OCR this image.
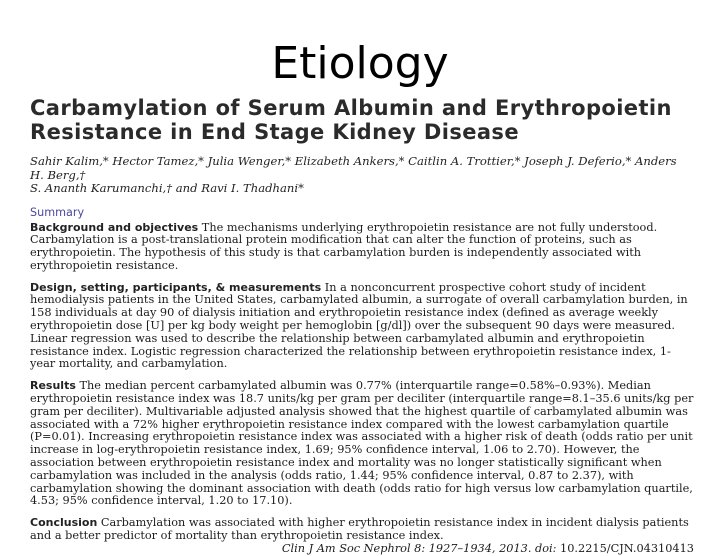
Etiology
Carbamylation of Serum Albumin and Erythropoietin
Resistance in End Stage Kidney Disease
Sahir Kalim,* Hector Tamez,* Julia Wenger,* Elizabeth Ankers,* Caitlin A. Trottier,* Joseph J. Deferio,* Anders H. Berg,†
S. Ananth Karumanchi,† and Ravi I. Thadhani*
Summary

Background and objectives The mechanisms underlying erythropoietin resistance are not fully understood. Carbamylation is a post-translational protein modification that can alter the function of proteins, such as erythropoietin. The hypothesis of this study is that carbamylation burden is independently associated with erythropoietin resistance.

Design, setting, participants, & measurements In a nonconcurrent prospective cohort study of incident hemodialysis patients in the United States, carbamylated albumin, a surrogate of overall carbamylation burden, in 158 individuals at day 90 of dialysis initiation and erythropoietin resistance index (defined as average weekly erythropoietin dose [U] per kg body weight per hemoglobin [g/dl]) over the subsequent 90 days were measured. Linear regression was used to describe the relationship between carbamylated albumin and erythropoietin resistance index. Logistic regression characterized the relationship between erythropoietin resistance index, 1-year mortality, and carbamylation.

Results The median percent carbamylated albumin was 0.77% (interquartile range=0.58%–0.93%). Median erythropoietin resistance index was 18.7 units/kg per gram per deciliter (interquartile range=8.1–35.6 units/kg per gram per deciliter). Multivariable adjusted analysis showed that the highest quartile of carbamylated albumin was associated with a 72% higher erythropoietin resistance index compared with the lowest carbamylation quartile (P=0.01). Increasing erythropoietin resistance index was associated with a higher risk of death (odds ratio per unit increase in log-erythropoietin resistance index, 1.69; 95% confidence interval, 1.06 to 2.70). However, the association between erythropoietin resistance index and mortality was no longer statistically significant when carbamylation was included in the analysis (odds ratio, 1.44; 95% confidence interval, 0.87 to 2.37), with carbamylation showing the dominant association with death (odds ratio for high versus low carbamylation quartile, 4.53; 95% confidence interval, 1.20 to 17.10).

Conclusion Carbamylation was associated with higher erythropoietin resistance index in incident dialysis patients and a better predictor of mortality than erythropoietin resistance index.

Clin J Am Soc Nephrol 8: 1927–1934, 2013. doi: 10.2215/CJN.04310413
